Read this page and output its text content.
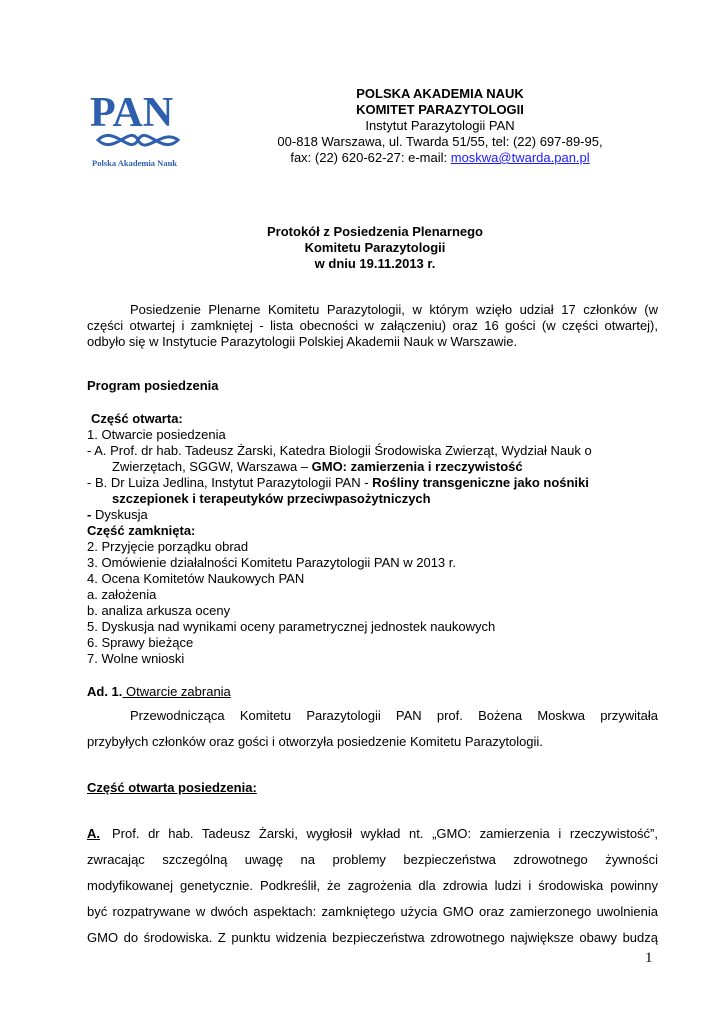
PAN
Polska Akademia Nauk
POLSKA AKADEMIA NAUK
KOMITET PARAZYTOLOGII
Instytut Parazytologii PAN
00-818 Warszawa, ul. Twarda 51/55, tel: (22) 697-89-95,
fax: (22) 620-62-27: e-mail: moskwa@twarda.pan.pl
Protokół z Posiedzenia Plenarnego
Komitetu Parazytologii
w dniu 19.11.2013 r.
Posiedzenie Plenarne Komitetu Parazytologii, w którym wzięło udział 17 członków (w
części otwartej i zamkniętej - lista obecności w załączeniu) oraz 16 gości (w części otwartej),
odbyło się w Instytucie Parazytologii Polskiej Akademii Nauk w Warszawie.
Program posiedzenia
Część otwarta:
1. Otwarcie posiedzenia
- A. Prof. dr hab. Tadeusz Żarski, Katedra Biologii Środowiska Zwierząt, Wydział Nauk o
Zwierzętach, SGGW, Warszawa – GMO: zamierzenia i rzeczywistość
- B. Dr Luiza Jedlina, Instytut Parazytologii PAN - Rośliny transgeniczne jako nośniki
szczepionek i terapeutyków przeciwpasożytniczych
- Dyskusja
Część zamknięta:
2. Przyjęcie porządku obrad
3. Omówienie działalności Komitetu Parazytologii PAN w 2013 r.
4. Ocena Komitetów Naukowych PAN
a. założenia
b. analiza arkusza oceny
5. Dyskusja nad wynikami oceny parametrycznej jednostek naukowych
6. Sprawy bieżące
7. Wolne wnioski
Ad. 1. Otwarcie zabrania
Przewodnicząca Komitetu Parazytologii PAN prof. Bożena Moskwa przywitała
przybyłych członków oraz gości i otworzyła posiedzenie Komitetu Parazytologii.
Część otwarta posiedzenia:
A. Prof. dr hab. Tadeusz Żarski, wygłosił wykład nt. „GMO: zamierzenia i rzeczywistość”,
zwracając szczególną uwagę na problemy bezpieczeństwa zdrowotnego żywności
modyfikowanej genetycznie. Podkreślił, że zagrożenia dla zdrowia ludzi i środowiska powinny
być rozpatrywane w dwóch aspektach: zamkniętego użycia GMO oraz zamierzonego uwolnienia
GMO do środowiska. Z punktu widzenia bezpieczeństwa zdrowotnego największe obawy budzą
1
